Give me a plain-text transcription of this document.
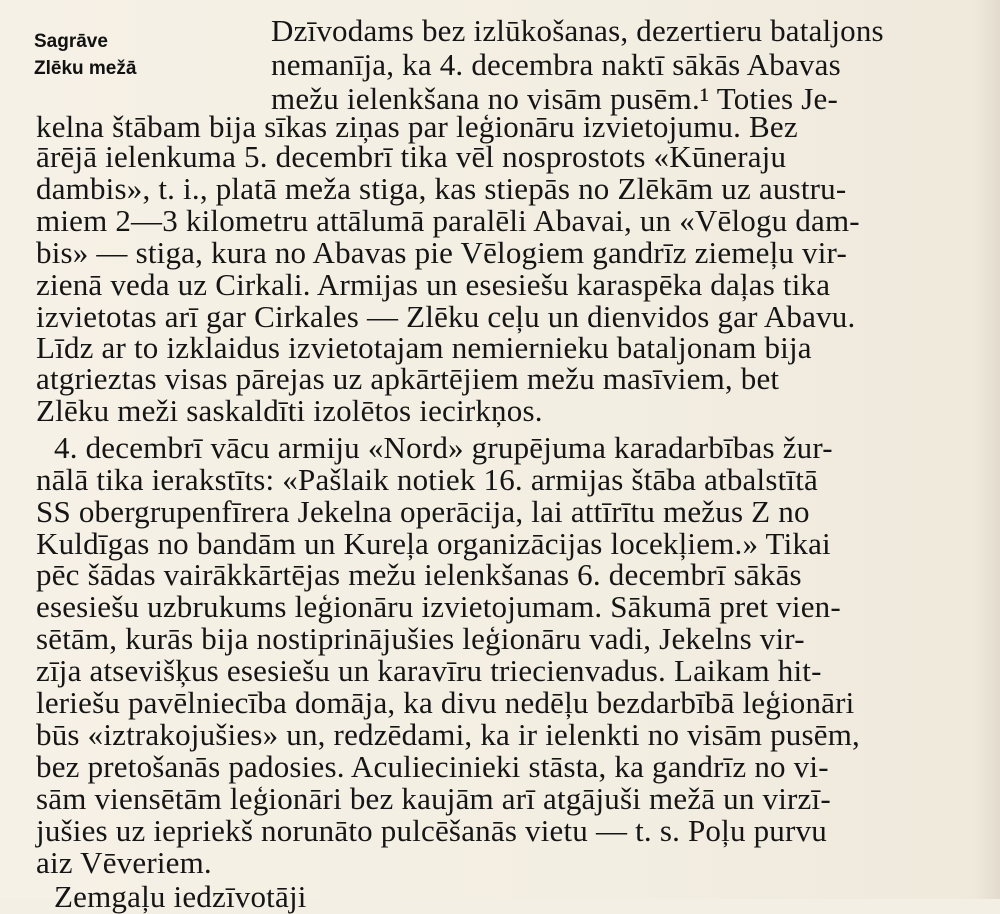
Sagrāve
Zlēku mežā
Dzīvodams bez izlūkošanas, dezertieru bataljons
nemanīja, ka 4. decembra naktī sākās Abavas
mežu ielenkšana no visām pusēm.¹ Toties Je-
kelna štābam bija sīkas ziņas par leģionāru izvietojumu. Bez
ārējā ielenkuma 5. decembrī tika vēl nosprostots «Kūneraju
dambis», t. i., platā meža stiga, kas stiepās no Zlēkām uz austru-
miem 2—3 kilometru attālumā paralēli Abavai, un «Vēlogu dam-
bis» — stiga, kura no Abavas pie Vēlogiem gandrīz ziemeļu vir-
zienā veda uz Cirkali. Armijas un esesiešu karaspēka daļas tika
izvietotas arī gar Cirkales — Zlēku ceļu un dienvidos gar Abavu.
Līdz ar to izklaidus izvietotajam nemiernieku bataljonam bija
atgrieztas visas pārejas uz apkārtējiem mežu masīviem, bet
Zlēku meži saskaldīti izolētos iecirkņos.
4. decembrī vācu armiju «Nord» grupējuma karadarbības žur-
nālā tika ierakstīts: «Pašlaik notiek 16. armijas štāba atbalstītā
SS obergrupenfīrera Jekelna operācija, lai attīrītu mežus Z no
Kuldīgas no bandām un Kureļa organizācijas locekļiem.» Tikai
pēc šādas vairākkārtējas mežu ielenkšanas 6. decembrī sākās
esesiešu uzbrukums leģionāru izvietojumam. Sākumā pret vien-
sētām, kurās bija nostiprinājušies leģionāru vadi, Jekelns vir-
zīja atsevišķus esesiešu un karavīru triecienvadus. Laikam hit-
leriešu pavēlniecība domāja, ka divu nedēļu bezdarbībā leģionāri
būs «iztrakojušies» un, redzēdami, ka ir ielenkti no visām pusēm,
bez pretošanās padosies. Aculiecinieki stāsta, ka gandrīz no vi-
sām viensētām leģionāri bez kaujām arī atgājuši mežā un virzī-
jušies uz iepriekš norunāto pulcēšanās vietu — t. s. Poļu purvu
aiz Vēveriem.
Zemgaļu iedzīvotāji
